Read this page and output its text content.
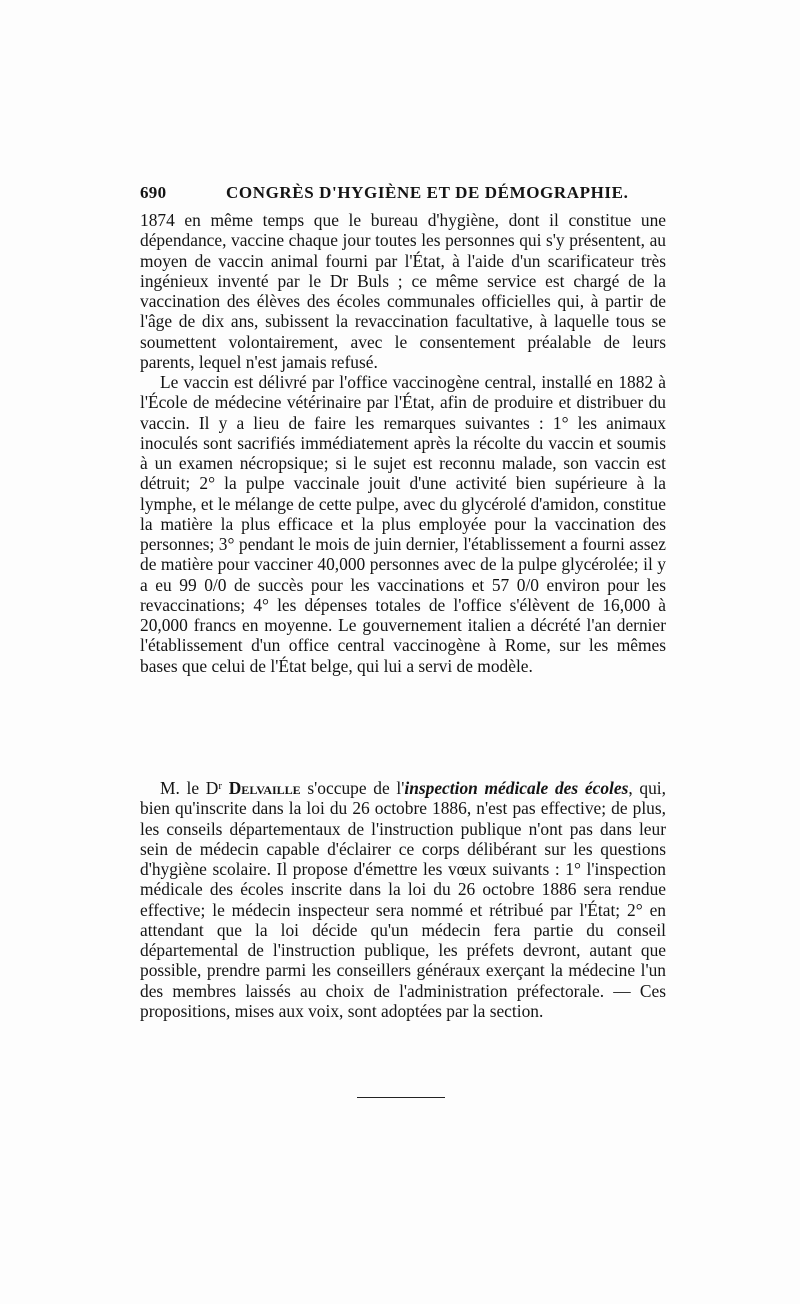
690	CONGRÈS D'HYGIÈNE ET DE DÉMOGRAPHIE.

1874 en même temps que le bureau d'hygiène, dont il constitue une dépendance, vaccine chaque jour toutes les personnes qui s'y présentent, au moyen de vaccin animal fourni par l'État, à l'aide d'un scarificateur très ingénieux inventé par le Dr Buls ; ce même service est chargé de la vaccination des élèves des écoles communales officielles qui, à partir de l'âge de dix ans, subissent la revaccination facultative, à laquelle tous se soumettent volontairement, avec le consentement préalable de leurs parents, lequel n'est jamais refusé.

Le vaccin est délivré par l'office vaccinogène central, installé en 1882 à l'École de médecine vétérinaire par l'État, afin de produire et distribuer du vaccin. Il y a lieu de faire les remarques suivantes : 1° les animaux inoculés sont sacrifiés immédiatement après la récolte du vaccin et soumis à un examen nécropsique; si le sujet est reconnu malade, son vaccin est détruit; 2° la pulpe vaccinale jouit d'une activité bien supérieure à la lymphe, et le mélange de cette pulpe, avec du glycérolé d'amidon, constitue la matière la plus efficace et la plus employée pour la vaccination des personnes; 3° pendant le mois de juin dernier, l'établissement a fourni assez de matière pour vacciner 40,000 personnes avec de la pulpe glycérolée; il y a eu 99 0/0 de succès pour les vaccinations et 57 0/0 environ pour les revaccinations; 4° les dépenses totales de l'office s'élèvent de 16,000 à 20,000 francs en moyenne. Le gouvernement italien a décrété l'an dernier l'établissement d'un office central vaccinogène à Rome, sur les mêmes bases que celui de l'État belge, qui lui a servi de modèle.

M. le $D^r$ Delvaille s'occupe de l'inspection médicale des écoles, qui, bien qu'inscrite dans la loi du 26 octobre 1886, n'est pas effective; de plus, les conseils départementaux de l'instruction publique n'ont pas dans leur sein de médecin capable d'éclairer ce corps délibérant sur les questions d'hygiène scolaire. Il propose d'émettre les vœux suivants : 1° l'inspection médicale des écoles inscrite dans la loi du 26 octobre 1886 sera rendue effective; le médecin inspecteur sera nommé et rétribué par l'État; 2° en attendant que la loi décide qu'un médecin fera partie du conseil départemental de l'instruction publique, les préfets devront, autant que possible, prendre parmi les conseillers généraux exerçant la médecine l'un des membres laissés au choix de l'administration préfectorale. — Ces propositions, mises aux voix, sont adoptées par la section.
